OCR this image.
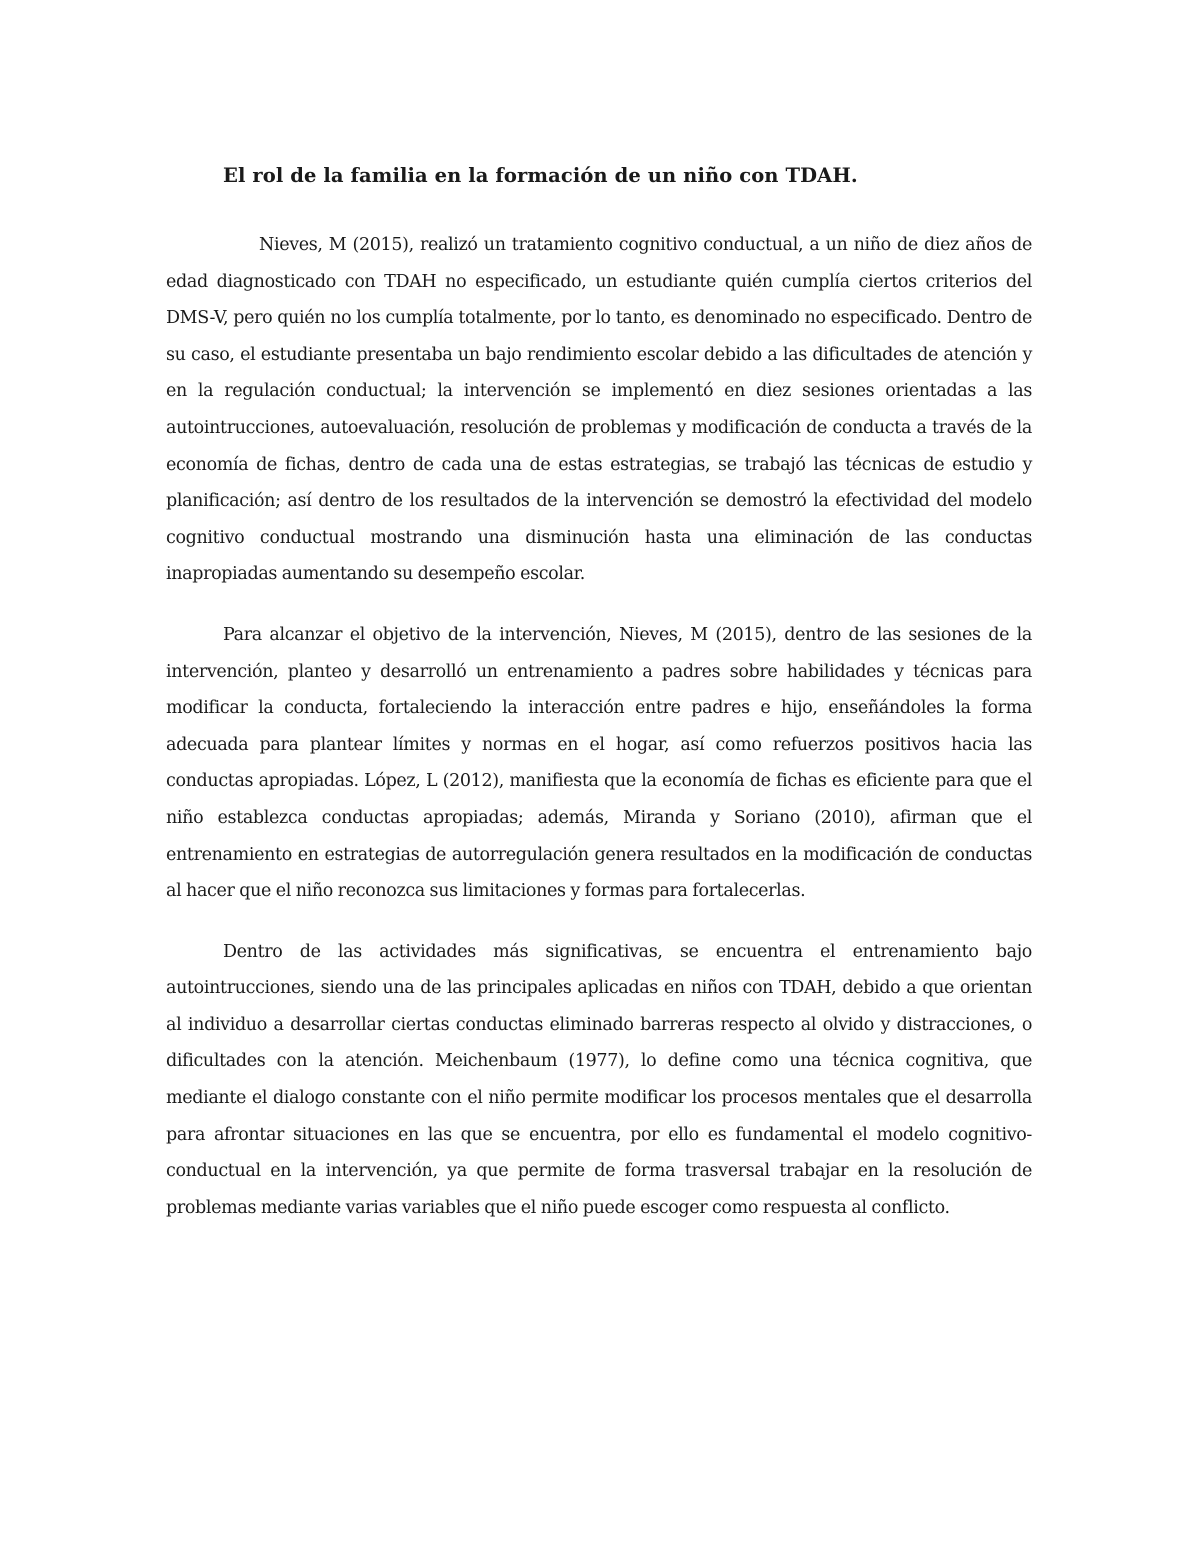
El rol de la familia en la formación de un niño con TDAH.

Nieves, M (2015), realizó un tratamiento cognitivo conductual, a un niño de diez años de edad diagnosticado con TDAH no especificado, un estudiante quién cumplía ciertos criterios del DMS-V, pero quién no los cumplía totalmente, por lo tanto, es denominado no especificado. Dentro de su caso, el estudiante presentaba un bajo rendimiento escolar debido a las dificultades de atención y en la regulación conductual; la intervención se implementó en diez sesiones orientadas a las autointrucciones, autoevaluación, resolución de problemas y modificación de conducta a través de la economía de fichas, dentro de cada una de estas estrategias, se trabajó las técnicas de estudio y planificación; así dentro de los resultados de la intervención se demostró la efectividad del modelo cognitivo conductual mostrando una disminución hasta una eliminación de las conductas inapropiadas aumentando su desempeño escolar.

Para alcanzar el objetivo de la intervención, Nieves, M (2015), dentro de las sesiones de la intervención, planteo y desarrolló un entrenamiento a padres sobre habilidades y técnicas para modificar la conducta, fortaleciendo la interacción entre padres e hijo, enseñándoles la forma adecuada para plantear límites y normas en el hogar, así como refuerzos positivos hacia las conductas apropiadas. López, L (2012), manifiesta que la economía de fichas es eficiente para que el niño establezca conductas apropiadas; además, Miranda y Soriano (2010), afirman que el entrenamiento en estrategias de autorregulación genera resultados en la modificación de conductas al hacer que el niño reconozca sus limitaciones y formas para fortalecerlas.

Dentro de las actividades más significativas, se encuentra el entrenamiento bajo autointrucciones, siendo una de las principales aplicadas en niños con TDAH, debido a que orientan al individuo a desarrollar ciertas conductas eliminado barreras respecto al olvido y distracciones, o dificultades con la atención. Meichenbaum (1977), lo define como una técnica cognitiva, que mediante el dialogo constante con el niño permite modificar los procesos mentales que el desarrolla para afrontar situaciones en las que se encuentra, por ello es fundamental el modelo cognitivo-conductual en la intervención, ya que permite de forma trasversal trabajar en la resolución de problemas mediante varias variables que el niño puede escoger como respuesta al conflicto.
